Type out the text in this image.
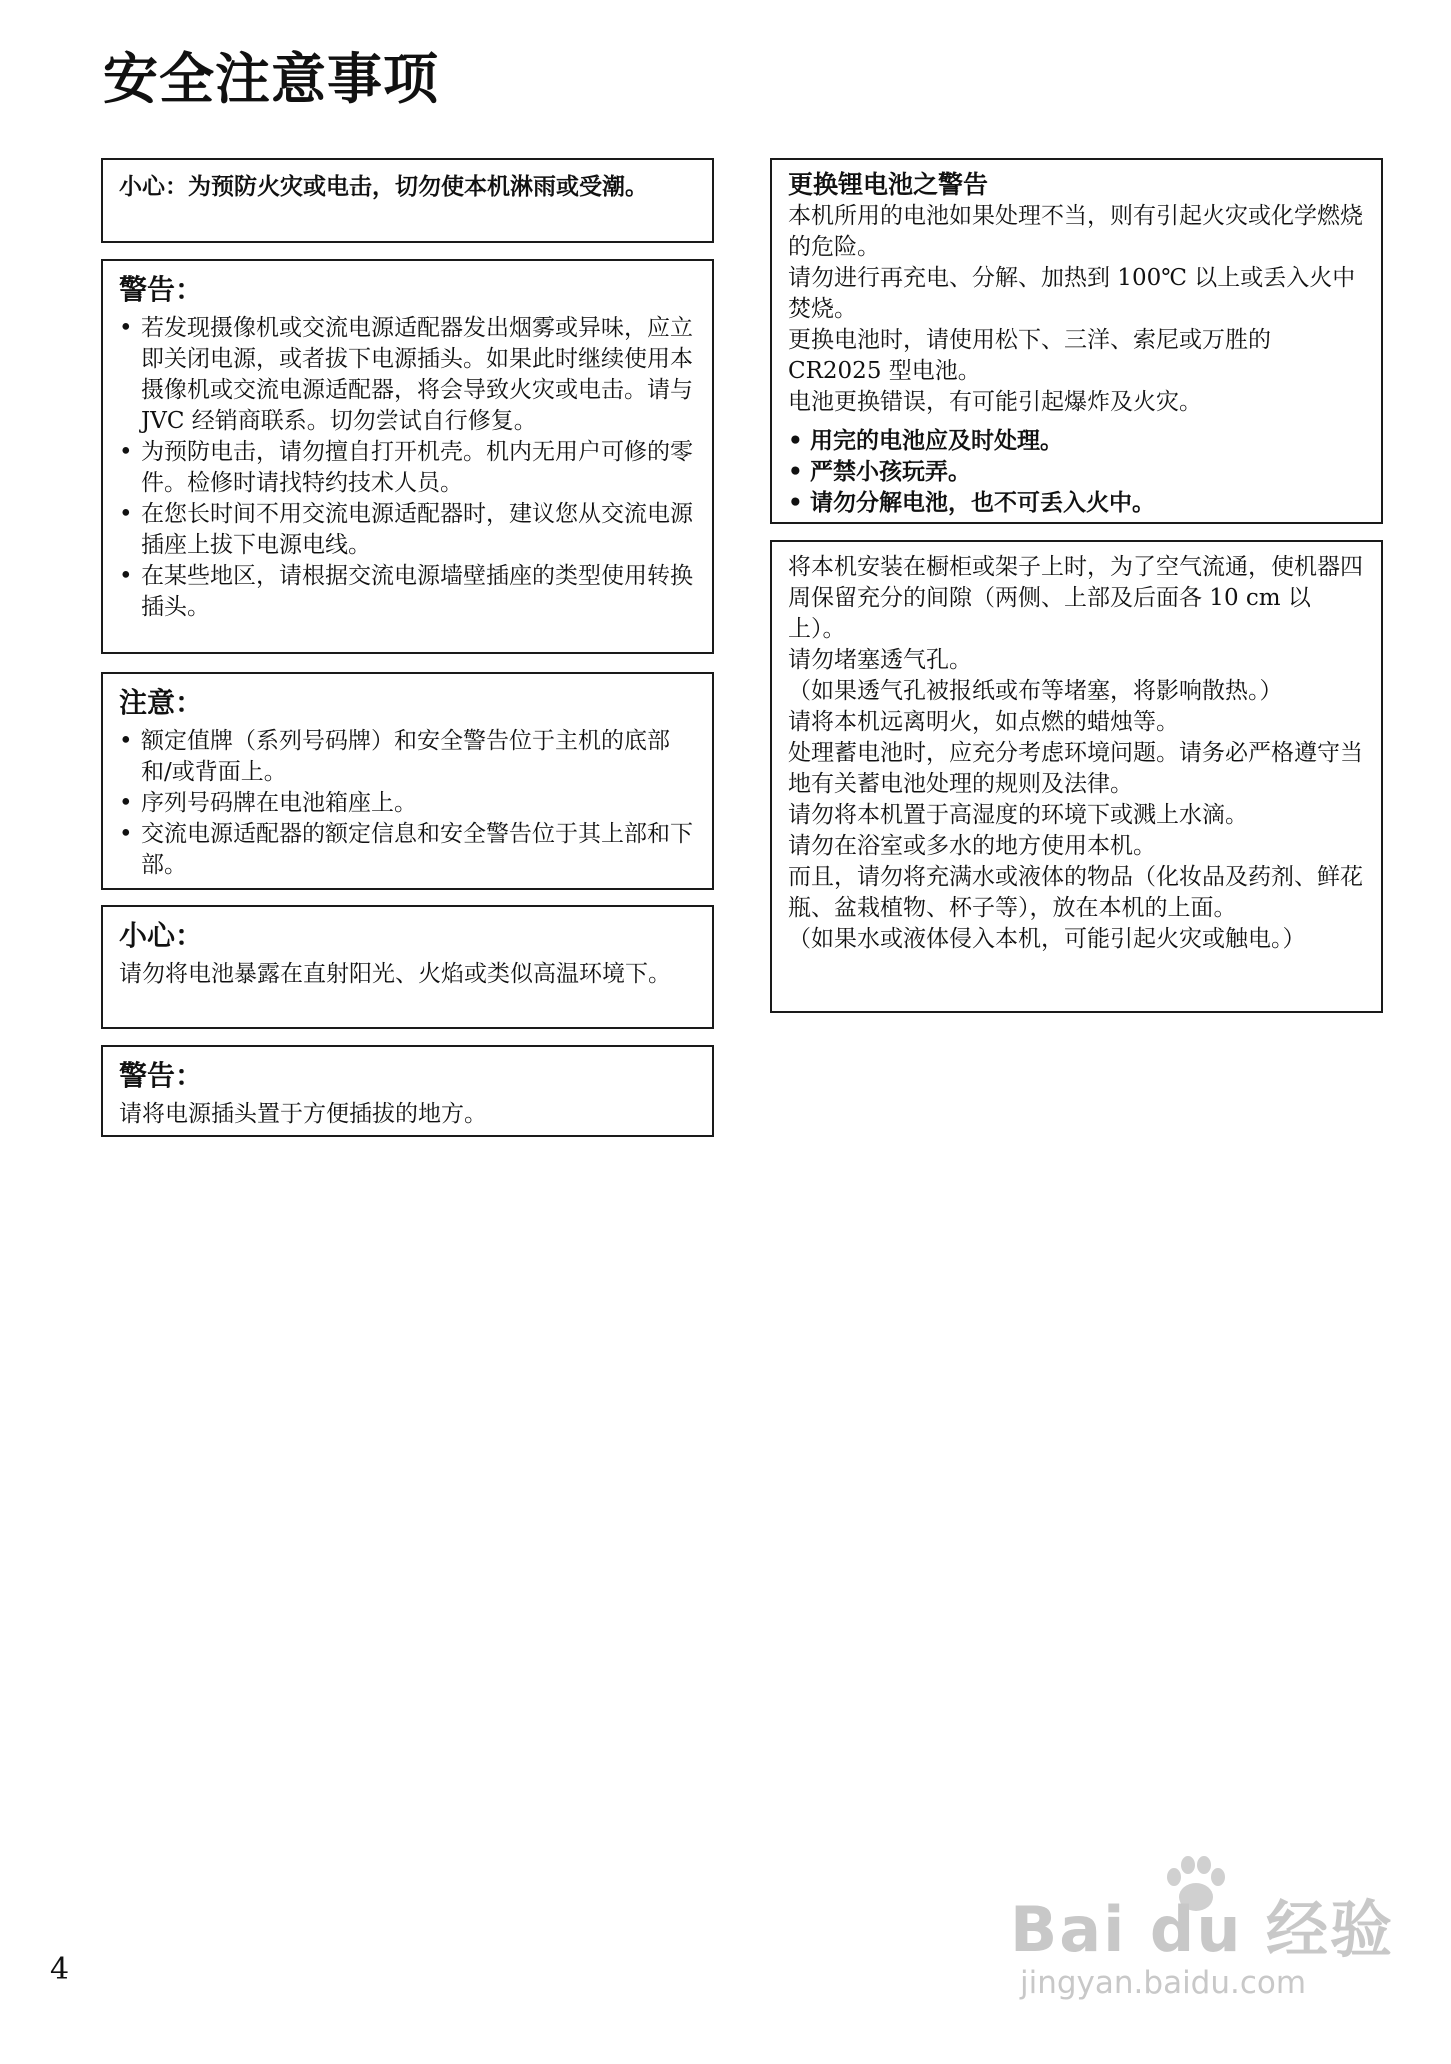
安全注意事项
小心：为预防火灾或电击，切勿使本机淋雨或受潮。
警告：
• 若发现摄像机或交流电源适配器发出烟雾或异味，应立即关闭电源，或者拔下电源插头。如果此时继续使用本摄像机或交流电源适配器，将会导致火灾或电击。请与 JVC 经销商联系。切勿尝试自行修复。
• 为预防电击，请勿擅自打开机壳。机内无用户可修的零件。检修时请找特约技术人员。
• 在您长时间不用交流电源适配器时，建议您从交流电源插座上拔下电源电线。
• 在某些地区，请根据交流电源墙壁插座的类型使用转换插头。
注意：
• 额定值牌（系列号码牌）和安全警告位于主机的底部和/或背面上。
• 序列号码牌在电池箱座上。
• 交流电源适配器的额定信息和安全警告位于其上部和下部。
小心：
请勿将电池暴露在直射阳光、火焰或类似高温环境下。
警告：
请将电源插头置于方便插拔的地方。
更换锂电池之警告
本机所用的电池如果处理不当，则有引起火灾或化学燃烧的危险。
请勿进行再充电、分解、加热到 100℃ 以上或丢入火中焚烧。
更换电池时，请使用松下、三洋、索尼或万胜的 CR2025 型电池。
电池更换错误，有可能引起爆炸及火灾。
• 用完的电池应及时处理。
• 严禁小孩玩弄。
• 请勿分解电池，也不可丢入火中。
将本机安装在橱柜或架子上时，为了空气流通，使机器四周保留充分的间隙（两侧、上部及后面各 10 cm 以上）。
请勿堵塞透气孔。
（如果透气孔被报纸或布等堵塞，将影响散热。）
请将本机远离明火，如点燃的蜡烛等。
处理蓄电池时，应充分考虑环境问题。请务必严格遵守当地有关蓄电池处理的规则及法律。
请勿将本机置于高湿度的环境下或溅上水滴。
请勿在浴室或多水的地方使用本机。
而且，请勿将充满水或液体的物品（化妆品及药剂、鲜花瓶、盆栽植物、杯子等），放在本机的上面。
（如果水或液体侵入本机，可能引起火灾或触电。）
4
Bai du 经验
jingyan.baidu.com
